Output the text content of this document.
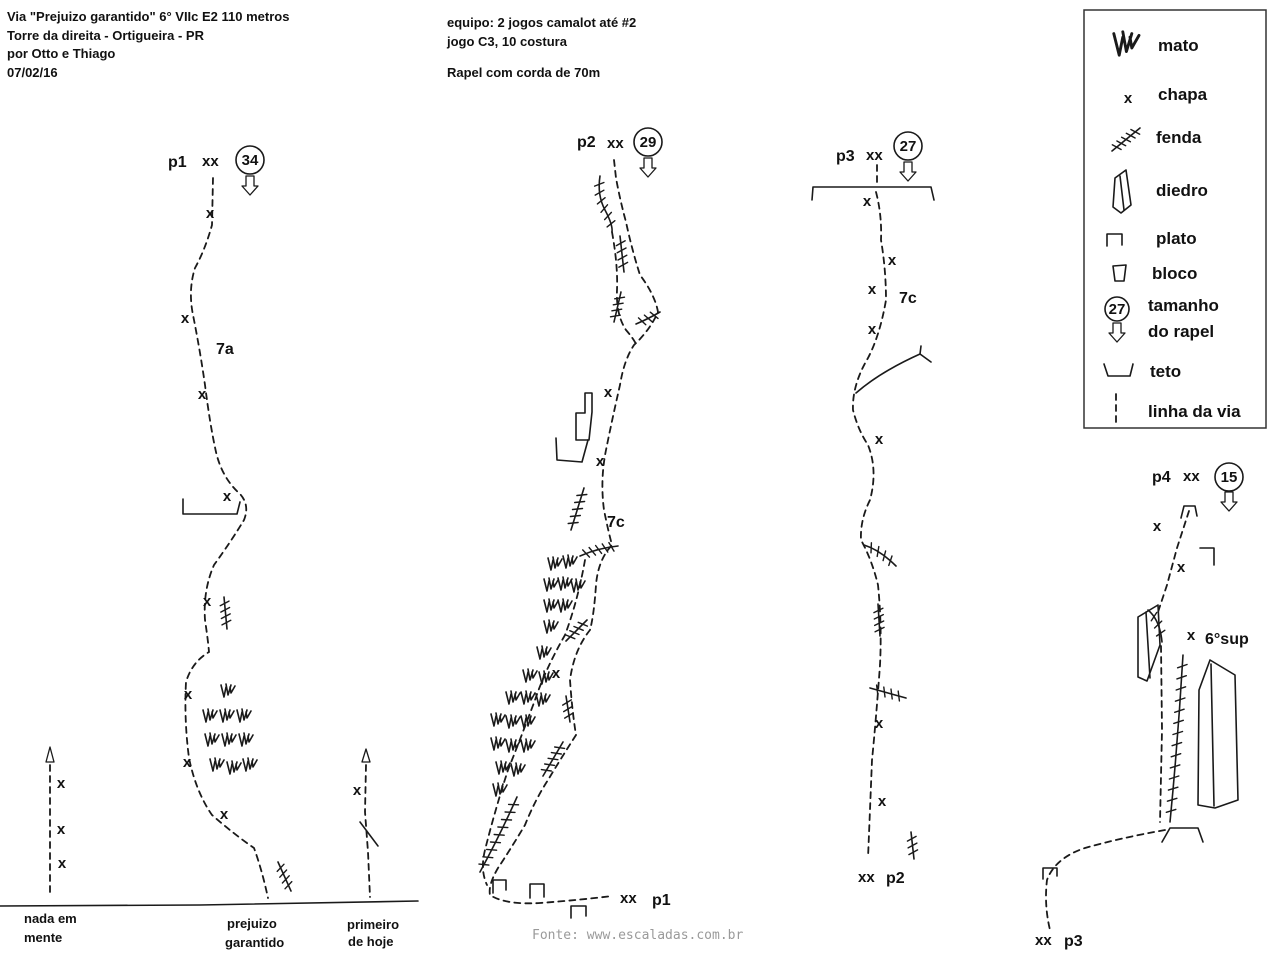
Via "Prejuizo garantido" 6° VIIc E2 110 metros
Torre da direita - Ortigueira - PR
por Otto e Thiago
07/02/16
equipo: 2 jogos camalot até #2
jogo C3, 10 costura
Rapel com corda de 70m
mato
x chapa
fenda
diedro
plato
bloco
27 tamanho
do rapel
teto
linha da via
x
x
x
nada em
mente
x
primeiro
de hoje
prejuizo
garantido
p1 xx 34
x
x
x
x
x
x
x
x
7a
p2 xx 29
x
x
x
7c
xx p1
p3 xx
27
x
x
x
x
x
x
x
7c
xx p2
p4 xx 15
x
x
x 6°sup
xx p3
Fonte: www.escaladas.com.br
